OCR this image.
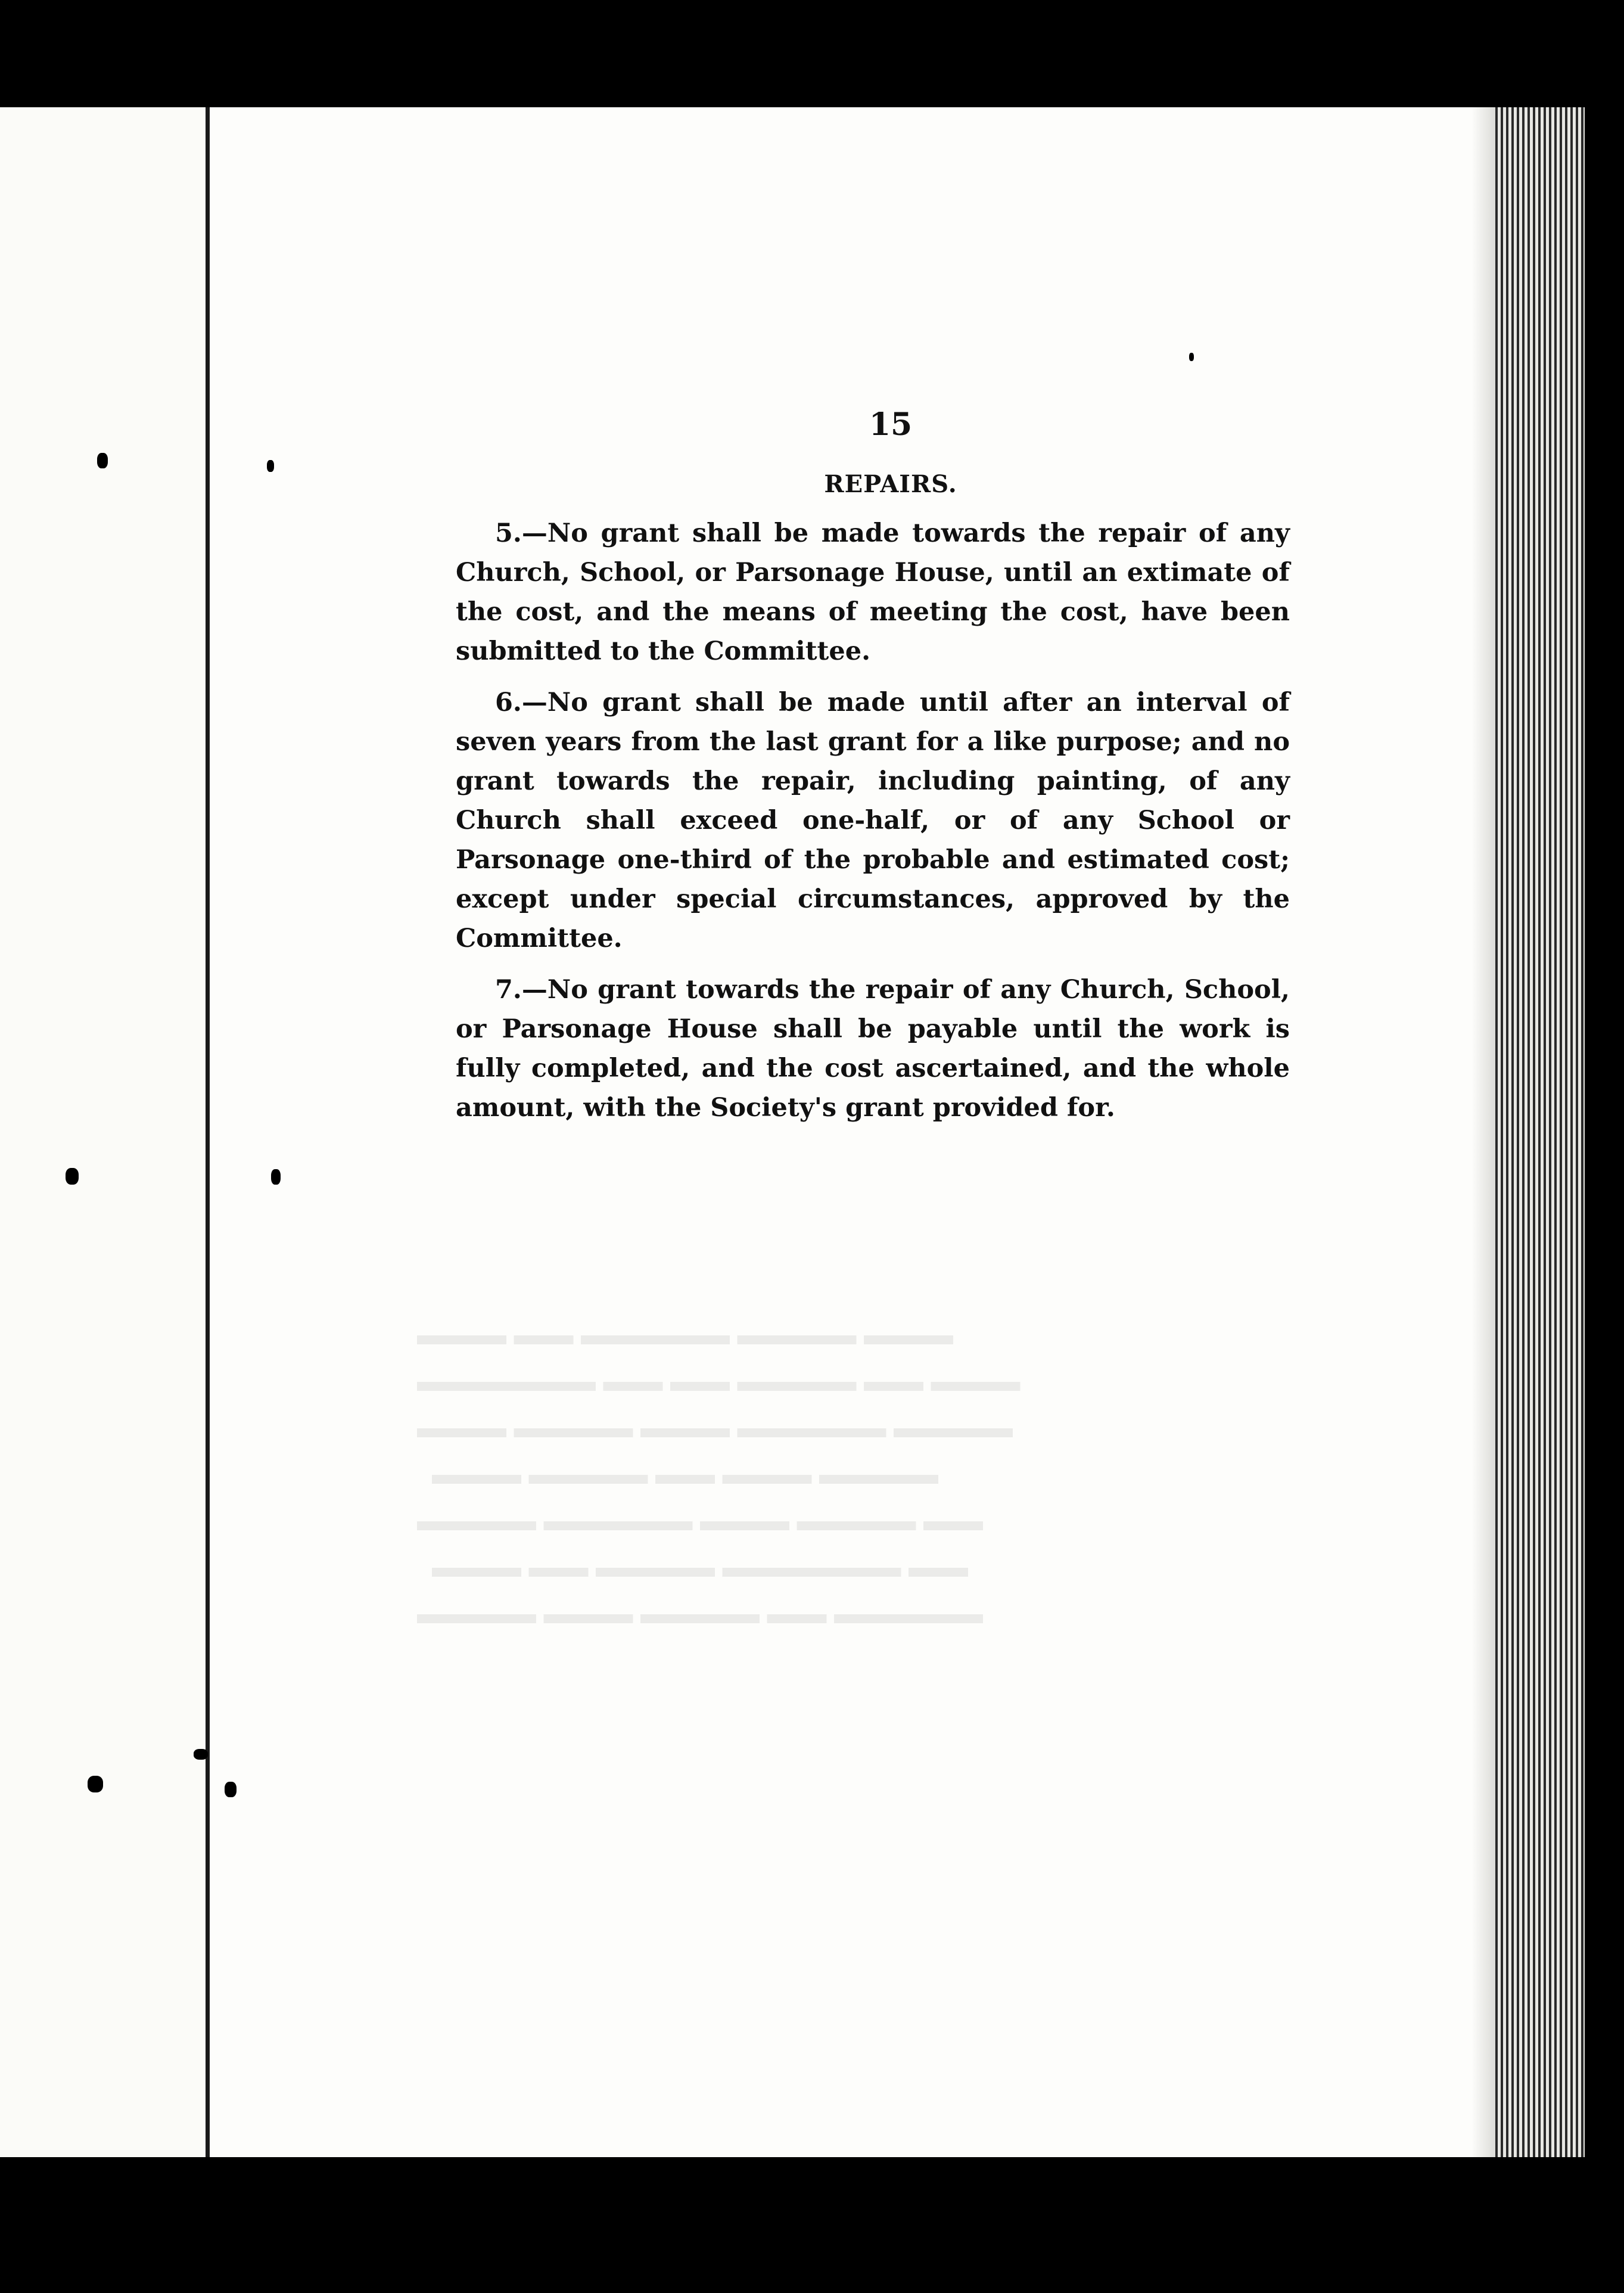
▬▬▬ ▬▬ ▬▬▬▬▬ ▬▬▬▬ ▬▬▬
▬▬▬▬▬▬ ▬▬ ▬▬ ▬▬▬▬ ▬▬ ▬▬▬
▬▬▬ ▬▬▬▬ ▬▬▬ ▬▬▬▬▬ ▬▬▬▬
▬▬▬ ▬▬▬▬ ▬▬ ▬▬▬ ▬▬▬▬
▬▬▬▬ ▬▬▬▬▬ ▬▬▬ ▬▬▬▬ ▬▬
▬▬▬ ▬▬ ▬▬▬▬ ▬▬▬▬▬▬ ▬▬
▬▬▬▬ ▬▬▬ ▬▬▬▬ ▬▬ ▬▬▬▬▬
15
REPAIRS.

5.—No grant shall be made towards the repair of any Church, School, or Parsonage House, until an extimate of the cost, and the means of meeting the cost, have been submitted to the Committee.

6.—No grant shall be made until after an interval of seven years from the last grant for a like purpose; and no grant towards the repair, including painting, of any Church shall exceed one-half, or of any School or Parsonage one-third of the probable and estimated cost; except under special circumstances, approved by the Committee.

7.—No grant towards the repair of any Church, School, or Parsonage House shall be payable until the work is fully completed, and the cost ascertained, and the whole amount, with the Society's grant provided for.
